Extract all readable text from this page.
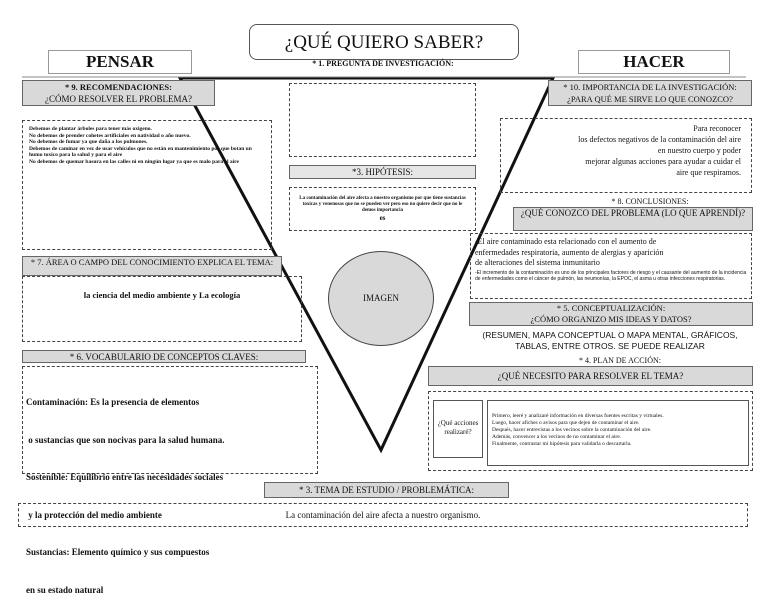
¿QUÉ QUIERO SABER?
PENSAR	HACER
* 1. PREGUNTA DE INVESTIGACIÓN:
*3. HIPÓTESIS:
La contaminación del aire afecta a nuestro organismo por que tiene sustancias toxicas y venenosas que no se pueden ver pero eso no quiere decir que no le demos importancia
es
IMAGEN
* 9. RECOMENDACIONES:
¿CÓMO RESOLVER EL PROBLEMA?
Debemos de plantar árboles para tener más oxigeno.
No debemos de prender cohetes artificiales en natividad o año nuevo.
No debemos de fumar ya que daña a los pulmones.
Debemos de caminar en vez de usar vehículos que no están en mantenimiento por que botan un humo toxico para la salud y para el aire
No debemos de quemar basura en las calles ni en ningún lugar ya que es malo para el aire
* 7. ÁREA O CAMPO DEL CONOCIMIENTO EXPLICA EL TEMA:
la ciencia del medio ambiente y La ecología
* 6. VOCABULARIO DE CONCEPTOS CLAVES:

Contaminación: Es la presencia de elementos

o sustancias que son nocivas para la salud humana.

Sostenible: Equilibrio entre las necesidades sociales

y la protección del medio ambiente

Sustancias: Elemento químico y sus compuestos

en su estado natural

* 10. IMPORTANCIA DE LA INVESTIGACIÓN: ¿PARA QUÉ ME SIRVE LO QUE CONOZCO?
Para reconocer
los defectos negativos de la contaminación del aire
en nuestro cuerpo y poder
mejorar algunas acciones para ayudar a cuidar el
aire que respiramos.
* 8. CONCLUSIONES:
¿QUÉ CONOZCO DEL PROBLEMA (LO QUE APRENDÍ)?
-El aire contaminado esta relacionado con el aumento de
enfermedades respiratoria, aumento de alergias y aparición
de alteraciones del sistema inmunitario
-El incremento de la contaminación es uno de los principales factores de riesgo y el causante del aumento de la incidencia de enfermedades como el cáncer de pulmón, las neumonías, la EPOC, el asma u otras infecciones respiratorias.
* 5. CONCEPTUALIZACIÓN:
¿CÓMO ORGANIZO MIS IDEAS Y DATOS?
(RESUMEN, MAPA CONCEPTUAL O MAPA MENTAL, GRÁFICOS, TABLAS, ENTRE OTROS. SE PUEDE REALIZAR
* 4. PLAN DE ACCIÓN:
¿QUÉ NECESITO PARA RESOLVER EL TEMA?
¿Qué acciones realizaré?
Primero, leeré y analizaré información en diversas fuentes escritas y virtuales.
Luego, hacer afiches o avisos para que dejen de contaminar el aire.
Después, hacer entrevistas a los vecinos sobre la contaminación del aire.
Además, convencer a los vecinos de no contaminar el aire.
Finalmente, contrastar mi hipótesis para validarla o descartarla.
* 3. TEMA DE ESTUDIO / PROBLEMÁTICA:
La contaminación del aire afecta a nuestro organismo.
